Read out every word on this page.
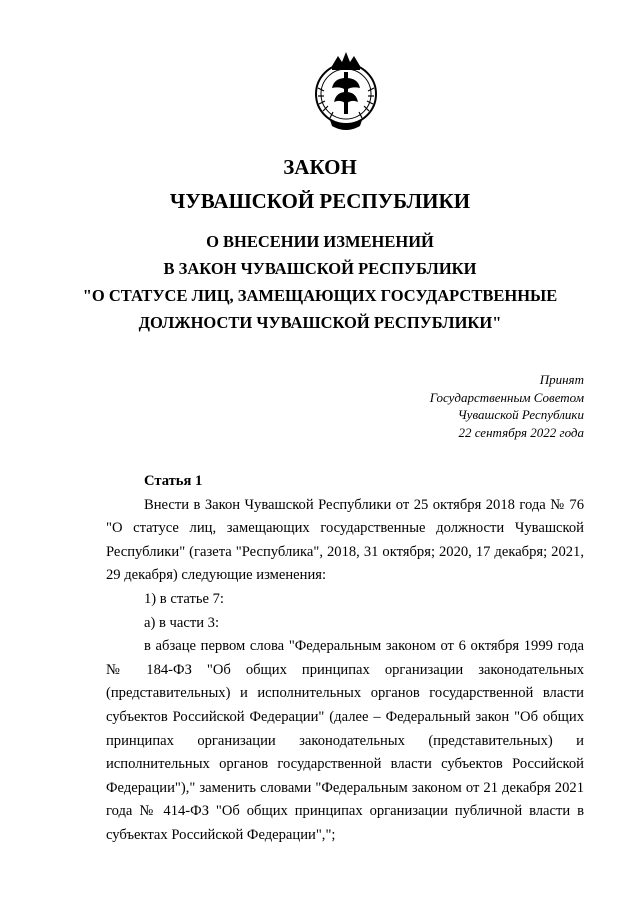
ЗАКОН
ЧУВАШСКОЙ РЕСПУБЛИКИ
О ВНЕСЕНИИ ИЗМЕНЕНИЙ
В ЗАКОН ЧУВАШСКОЙ РЕСПУБЛИКИ
"О СТАТУСЕ ЛИЦ, ЗАМЕЩАЮЩИХ ГОСУДАРСТВЕННЫЕ
ДОЛЖНОСТИ ЧУВАШСКОЙ РЕСПУБЛИКИ"
Принят
Государственным Советом
Чувашской Республики
22 сентября 2022 года

Статья 1

Внести в Закон Чувашской Республики от 25 октября 2018 года № 76 "О статусе лиц, замещающих государственные должности Чувашской Республики" (газета "Республика", 2018, 31 октября; 2020, 17 декабря; 2021, 29 декабря) следующие изменения:

1) в статье 7:

а) в части 3:

в абзаце первом слова "Федеральным законом от 6 октября 1999 года № 184-ФЗ "Об общих принципах организации законодательных (представительных) и исполнительных органов государственной власти субъектов Российской Федерации" (далее – Федеральный закон "Об общих принципах организации законодательных (представительных) и исполнительных органов государственной власти субъектов Российской Федерации")," заменить словами "Федеральным законом от 21 декабря 2021 года № 414-ФЗ "Об общих принципах организации публичной власти в субъектах Российской Федерации",";
